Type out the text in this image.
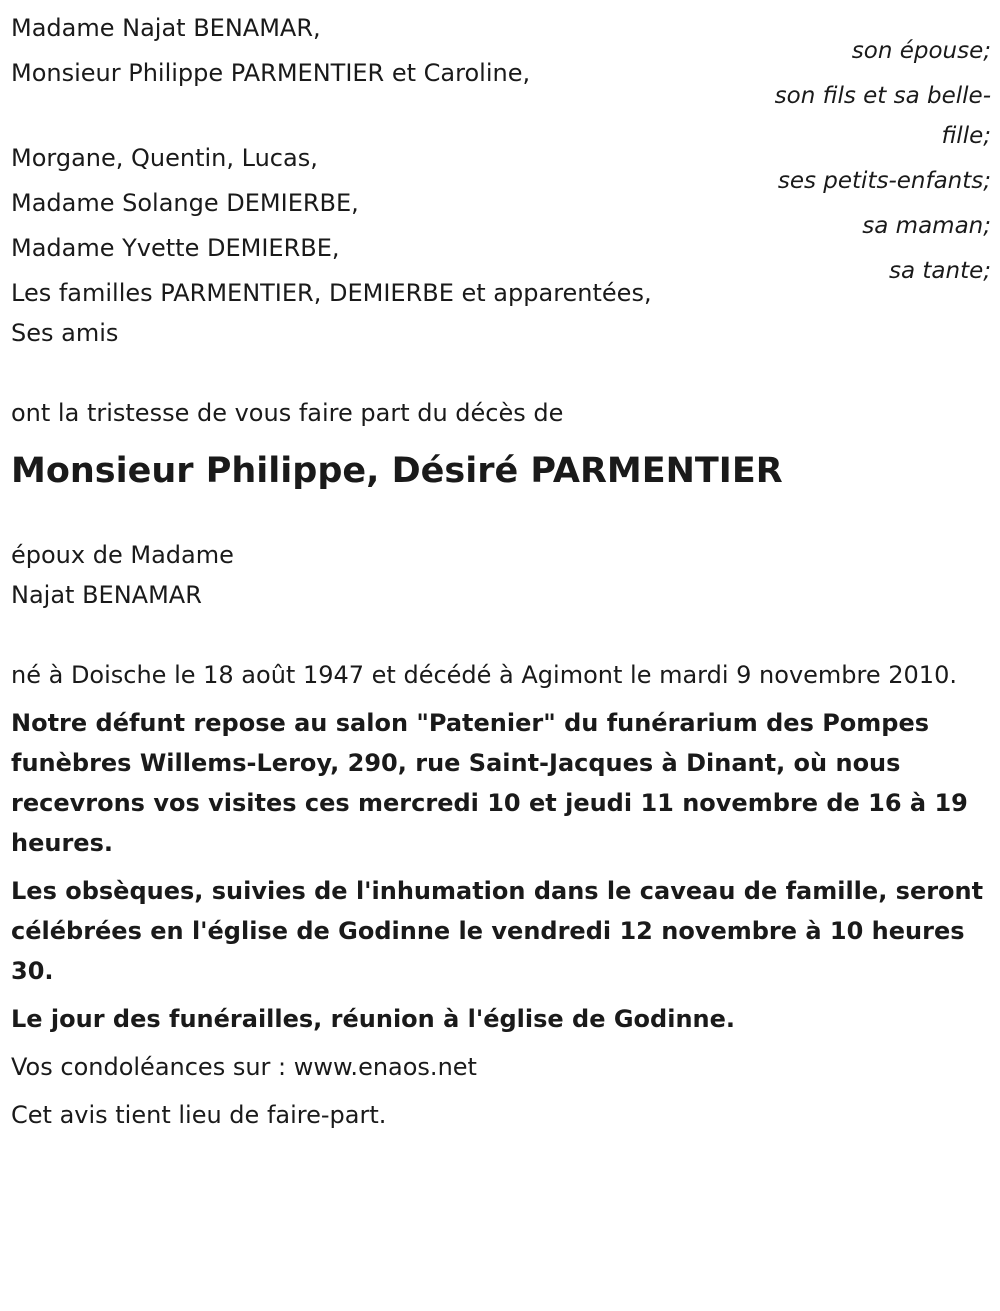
Madame Najat BENAMAR,
son épouse;
Monsieur Philippe PARMENTIER et Caroline,
son fils et sa belle-fille;
Morgane, Quentin, Lucas,
ses petits-enfants;
Madame Solange DEMIERBE,
sa maman;
Madame Yvette DEMIERBE,
sa tante;
Les familles PARMENTIER, DEMIERBE et apparentées,
Ses amis
ont la tristesse de vous faire part du décès de
Monsieur Philippe, Désiré PARMENTIER
époux de Madame
Najat BENAMAR
né à Doische le 18 août 1947 et décédé à Agimont le mardi 9 novembre 2010.
Notre défunt repose au salon "Patenier" du funérarium des Pompes funèbres Willems-Leroy, 290, rue Saint-Jacques à Dinant, où nous recevrons vos visites ces mercredi 10 et jeudi 11 novembre de 16 à 19 heures.
Les obsèques, suivies de l'inhumation dans le caveau de famille, seront célébrées en l'église de Godinne le vendredi 12 novembre à 10 heures 30.
Le jour des funérailles, réunion à l'église de Godinne.
Vos condoléances sur : www.enaos.net
Cet avis tient lieu de faire-part.
